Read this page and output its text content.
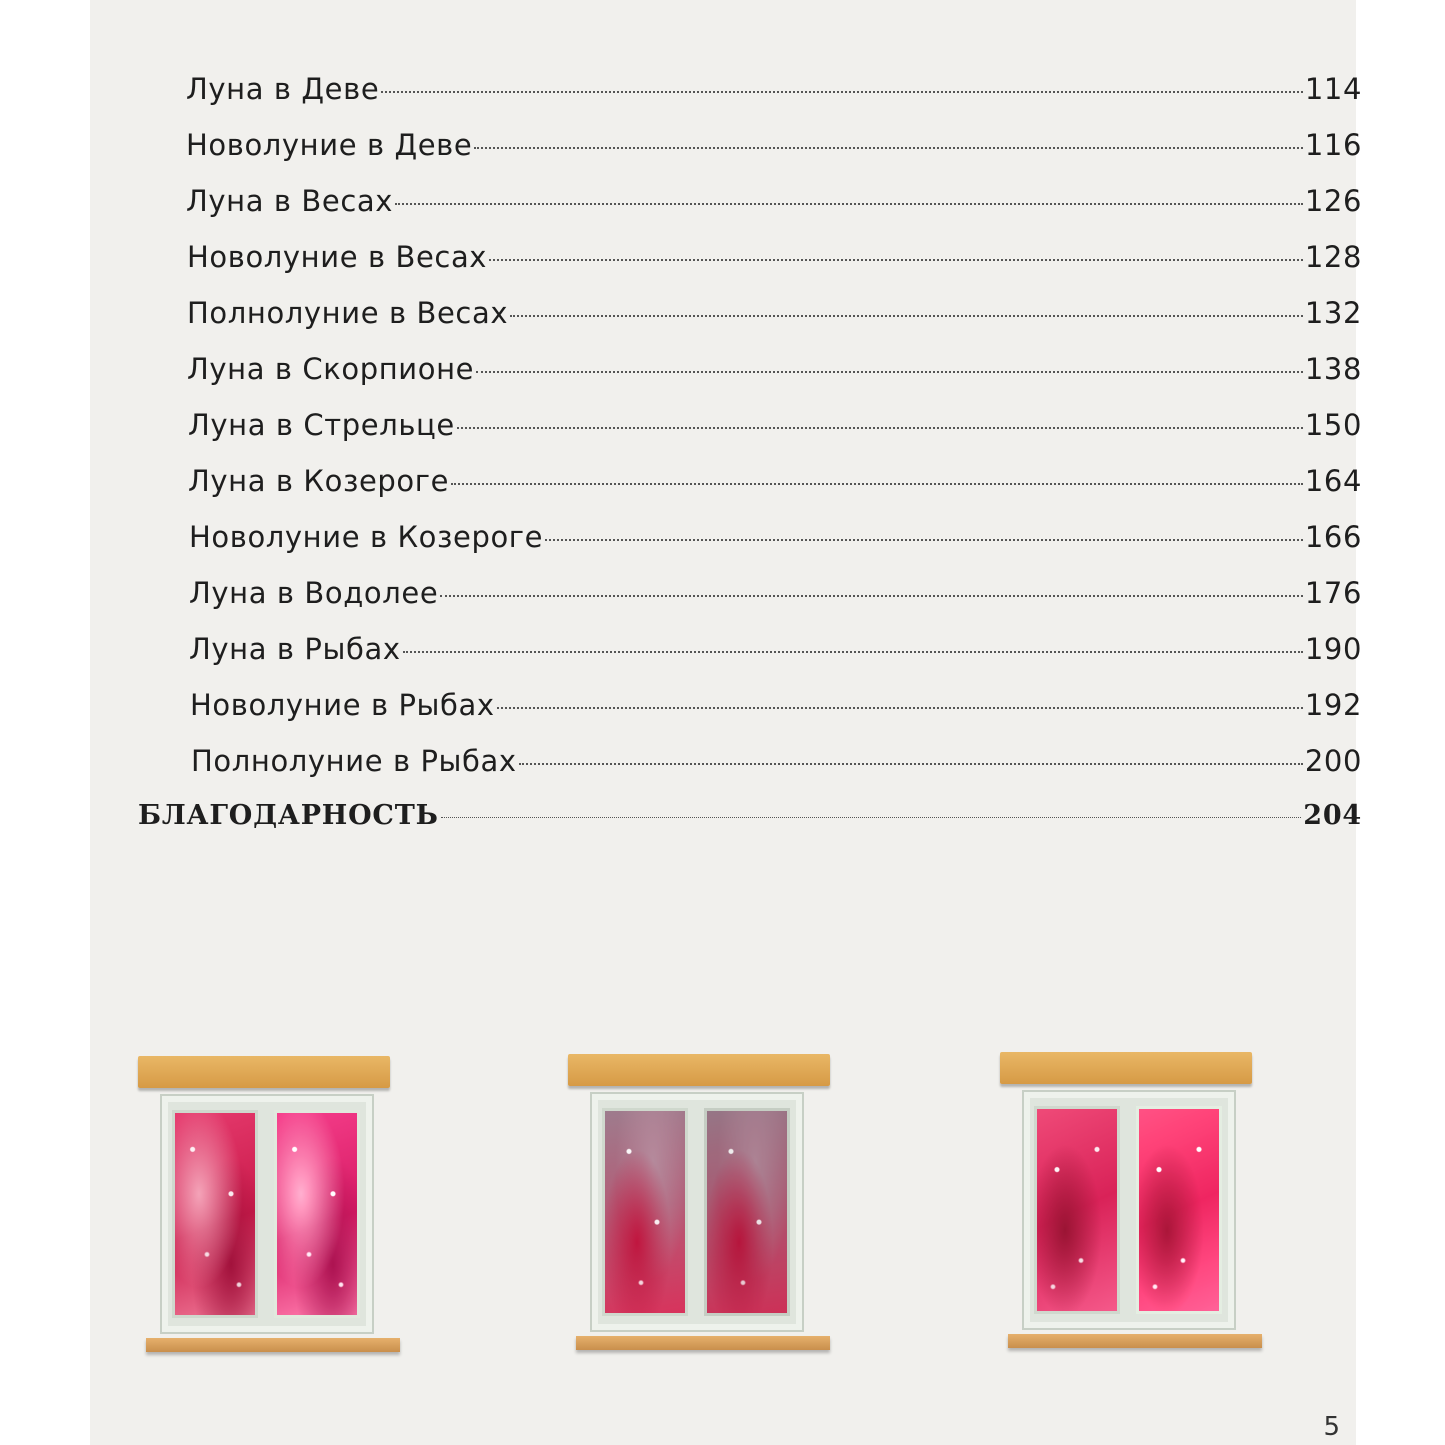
Луна в Деве	114
Новолуние в Деве	116
Луна в Весах	126
Новолуние в Весах	128
Полнолуние в Весах	132
Луна в Скорпионе	138
Луна в Стрельце	150
Луна в Козероге	164
Новолуние в Козероге	166
Луна в Водолее	176
Луна в Рыбах	190
Новолуние в Рыбах	192
Полнолуние в Рыбах	200
БЛАГОДАРНОСТЬ	204
5
